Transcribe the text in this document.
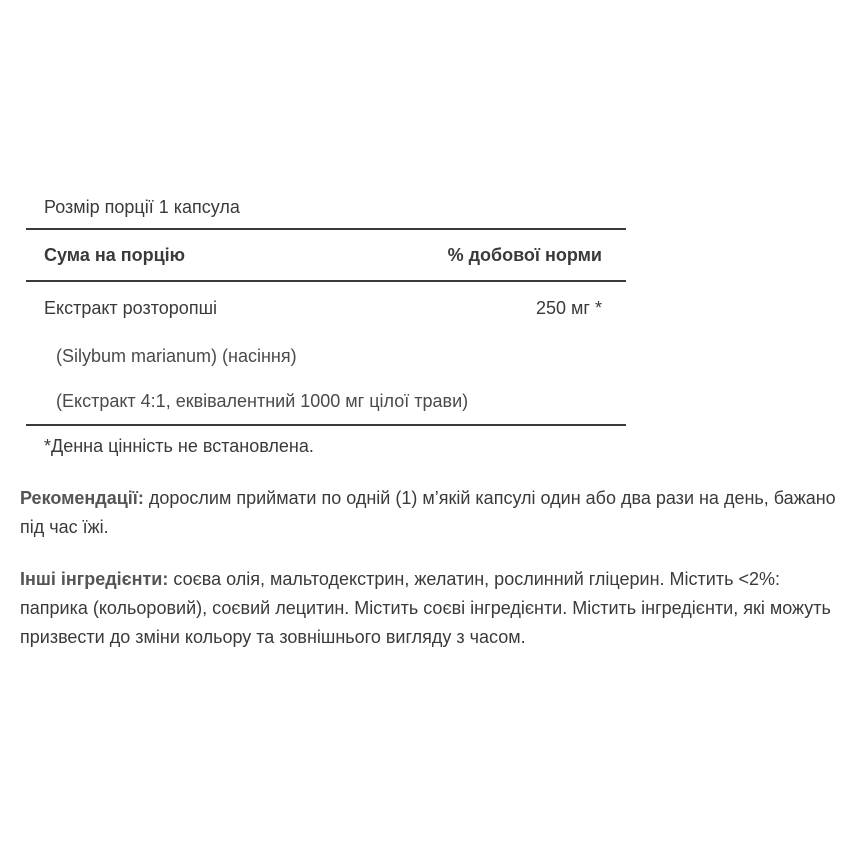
Розмір порції 1 капсула
Сума на порцію	% добової норми
Екстракт розторопші	250 мг *
(Silybum marianum) (насіння)
(Екстракт 4:1, еквівалентний 1000 мг цілої трави)
*Денна цінність не встановлена.
Рекомендації: дорослим приймати по одній (1) м’якій капсулі один або два рази на день, бажано під час їжі.
Інші інгредієнти: соєва олія, мальтодекстрин, желатин, рослинний гліцерин. Містить <2%: паприка (кольоровий), соєвий лецитин. Містить соєві інгредієнти. Містить інгредієнти, які можуть призвести до зміни кольору та зовнішнього вигляду з часом.
